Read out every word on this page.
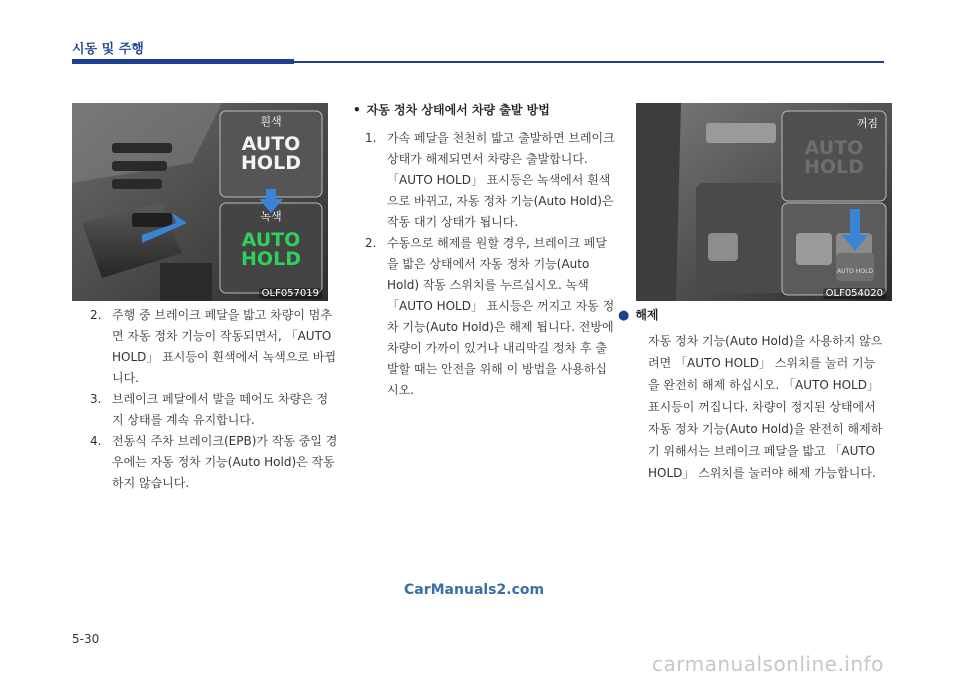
시동 및 주행
흰색
AUTO
HOLD
녹색
AUTO
HOLD
OLF057019
꺼짐
AUTO
HOLD
AUTO HOLD
OLF054020
2. 주행 중 브레이크 페달을 밟고 차량이 멈추면 자동 정차 기능이 작동되면서, 「AUTO HOLD」 표시등이 흰색에서 녹색으로 바뀝니다.
3. 브레이크 페달에서 발을 떼어도 차량은 정지 상태를 계속 유지합니다.
4. 전동식 주차 브레이크(EPB)가 작동 중일 경우에는 자동 정차 기능(Auto Hold)은 작동하지 않습니다.
• 자동 정차 상태에서 차량 출발 방법
1. 가속 페달을 천천히 밟고 출발하면 브레이크 상태가 해제되면서 차량은 출발합니다. 「AUTO HOLD」 표시등은 녹색에서 흰색으로 바뀌고, 자동 정차 기능(Auto Hold)은 작동 대기 상태가 됩니다.
2. 수동으로 해제를 원할 경우, 브레이크 페달을 밟은 상태에서 자동 정차 기능(Auto Hold) 작동 스위치를 누르십시오. 녹색「AUTO HOLD」 표시등은 꺼지고 자동 정차 기능(Auto Hold)은 해제 됩니다. 전방에 차량이 가까이 있거나 내리막길 정차 후 출발할 때는 안전을 위해 이 방법을 사용하십시오.
● 해제
자동 정차 기능(Auto Hold)을 사용하지 않으려면 「AUTO HOLD」 스위치를 눌러 기능을 완전히 해제 하십시오. 「AUTO HOLD」 표시등이 꺼집니다. 차량이 정지된 상태에서 자동 정차 기능(Auto Hold)을 완전히 해제하기 위해서는 브레이크 페달을 밟고 「AUTO HOLD」 스위치를 눌러야 해제 가능합니다.
CarManuals2.com
5-30
carmanualsonline.info
